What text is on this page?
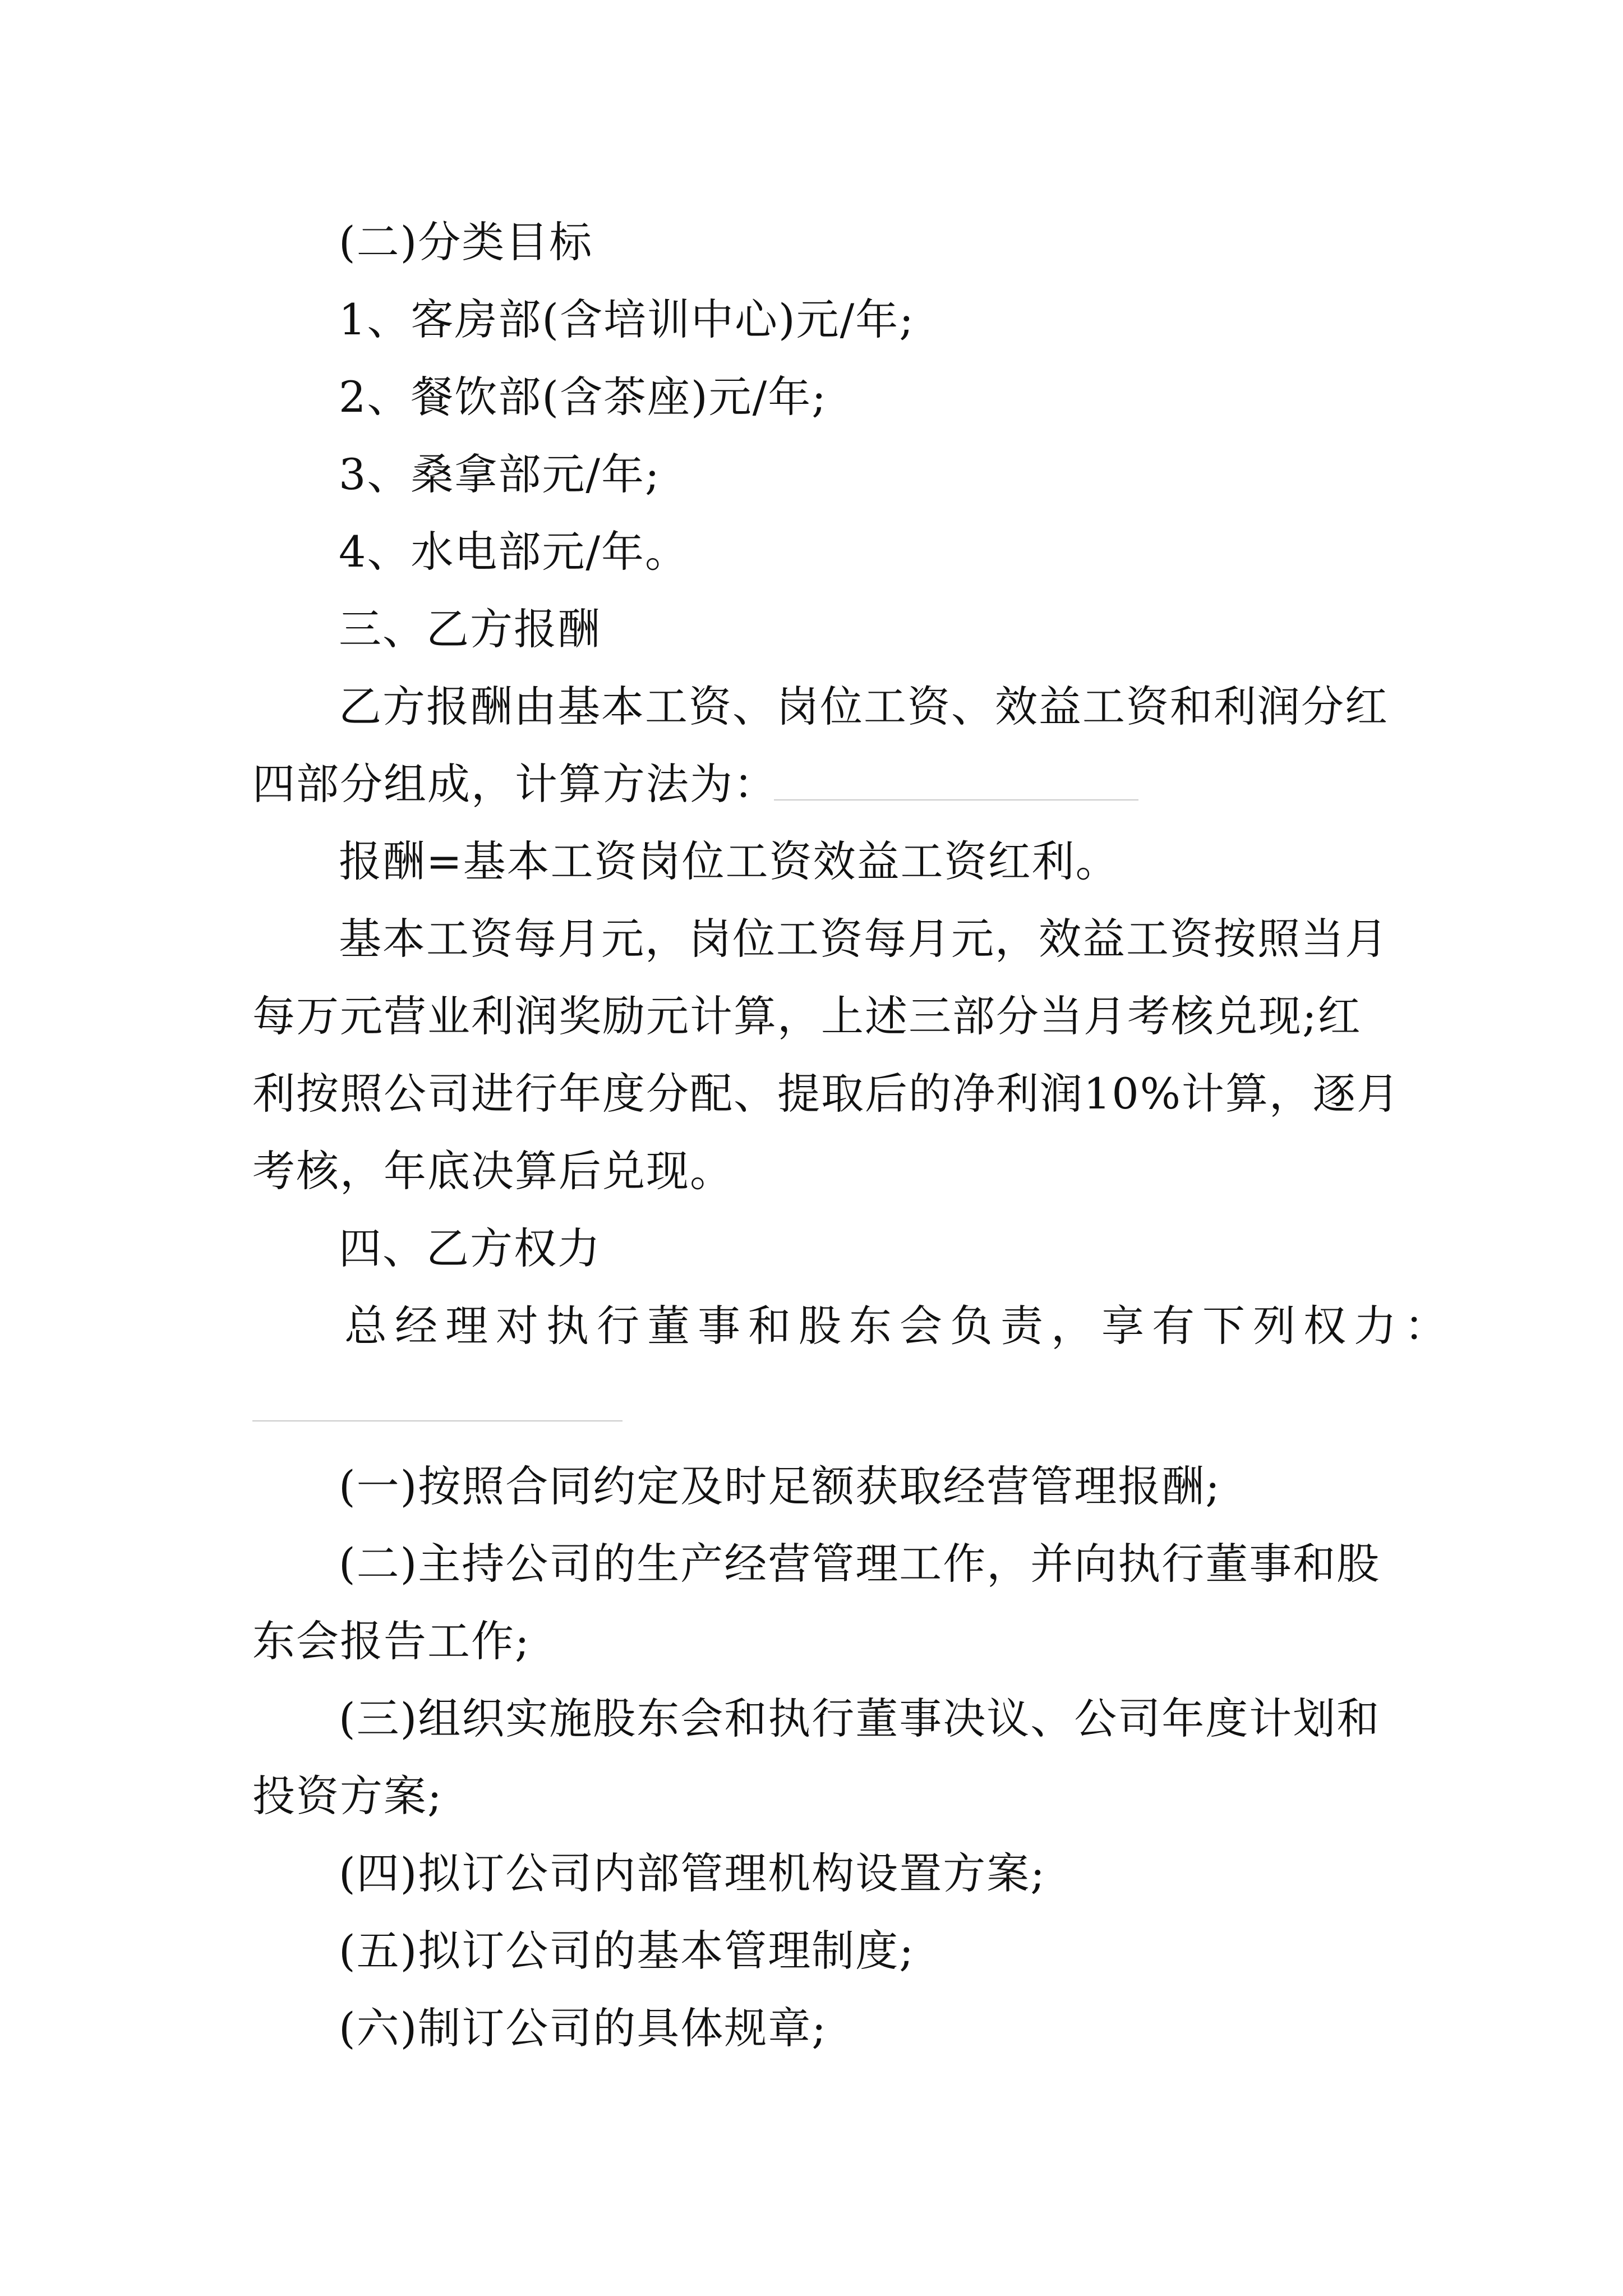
(二)分类目标
1、客房部(含培训中心)元/年;
2、餐饮部(含茶座)元/年;
3、桑拿部元/年;
4、水电部元/年。
三、乙方报酬
乙方报酬由基本工资、岗位工资、效益工资和利润分红
四部分组成，计算方法为：
报酬=基本工资岗位工资效益工资红利。
基本工资每月元，岗位工资每月元，效益工资按照当月
每万元营业利润奖励元计算，上述三部分当月考核兑现;红
利按照公司进行年度分配、提取后的净利润10%计算，逐月
考核，年底决算后兑现。
四、乙方权力
总经理对执行董事和股东会负责，享有下列权力：
(一)按照合同约定及时足额获取经营管理报酬;
(二)主持公司的生产经营管理工作，并向执行董事和股
东会报告工作;
(三)组织实施股东会和执行董事决议、公司年度计划和
投资方案;
(四)拟订公司内部管理机构设置方案;
(五)拟订公司的基本管理制度;
(六)制订公司的具体规章;
